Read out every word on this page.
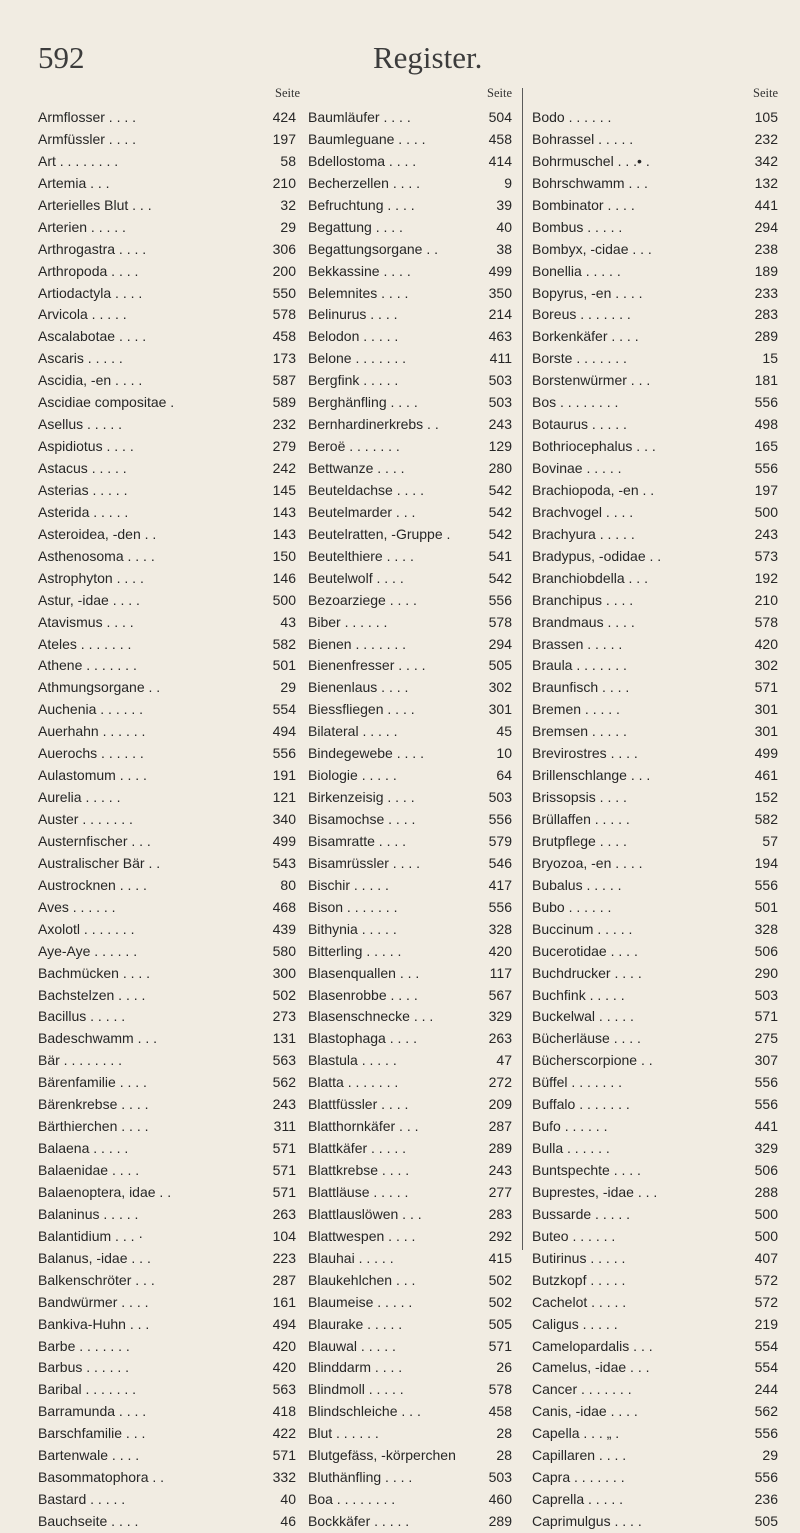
592	Register.
Seite
Armflosser . . . .	424
Armfüssler . . . .	197
Art . . . . . . . .	58
Artemia . . .	210
Arterielles Blut . . .	32
Arterien . . . . .	29
Arthrogastra . . . .	306
Arthropoda . . . .	200
Artiodactyla . . . .	550
Arvicola . . . . .	578
Ascalabotae . . . .	458
Ascaris . . . . .	173
Ascidia, -en . . . .	587
Ascidiae compositae .	589
Asellus . . . . .	232
Aspidiotus . . . .	279
Astacus . . . . .	242
Asterias . . . . .	145
Asterida . . . . .	143
Asteroidea, -den . .	143
Asthenosoma . . . .	150
Astrophyton . . . .	146
Astur, -idae . . . .	500
Atavismus . . . .	43
Ateles . . . . . . .	582
Athene . . . . . . .	501
Athmungsorgane . .	29
Auchenia . . . . . .	554
Auerhahn . . . . . .	494
Auerochs . . . . . .	556
Aulastomum . . . .	191
Aurelia . . . . .	121
Auster . . . . . . .	340
Austernfischer . . .	499
Australischer Bär . .	543
Austrocknen . . . .	80
Aves . . . . . .	468
Axolotl . . . . . . .	439
Aye-Aye . . . . . .	580
Bachmücken . . . .	300
Bachstelzen . . . .	502
Bacillus . . . . .	273
Badeschwamm . . .	131
Bär . . . . . . . .	563
Bärenfamilie . . . .	562
Bärenkrebse . . . .	243
Bärthierchen . . . .	311
Balaena . . . . .	571
Balaenidae . . . .	571
Balaenoptera, idae . .	571
Balaninus . . . . .	263
Balantidium . . . ·	104
Balanus, -idae . . .	223
Balkenschröter . . .	287
Bandwürmer . . . .	161
Bankiva-Huhn . . .	494
Barbe . . . . . . .	420
Barbus . . . . . .	420
Baribal . . . . . . .	563
Barramunda . . . .	418
Barschfamilie . . .	422
Bartenwale . . . .	571
Basommatophora . .	332
Bastard . . . . .	40
Bauchseite . . . .	46
Seite
Baumläufer . . . .	504
Baumleguane . . . .	458
Bdellostoma . . . .	414
Becherzellen . . . .	9
Befruchtung . . . .	39
Begattung . . . .	40
Begattungsorgane . .	38
Bekkassine . . . .	499
Belemnites . . . .	350
Belinurus . . . .	214
Belodon . . . . .	463
Belone . . . . . . .	411
Bergfink . . . . .	503
Berghänfling . . . .	503
Bernhardinerkrebs . .	243
Beroë . . . . . . .	129
Bettwanze . . . .	280
Beuteldachse . . . .	542
Beutelmarder . . .	542
Beutelratten, -Gruppe .	542
Beutelthiere . . . .	541
Beutelwolf . . . .	542
Bezoarziege . . . .	556
Biber . . . . . .	578
Bienen . . . . . . .	294
Bienenfresser . . . .	505
Bienenlaus . . . .	302
Biessfliegen . . . .	301
Bilateral . . . . .	45
Bindegewebe . . . .	10
Biologie . . . . .	64
Birkenzeisig . . . .	503
Bisamochse . . . .	556
Bisamratte . . . .	579
Bisamrüssler . . . .	546
Bischir . . . . .	417
Bison . . . . . . .	556
Bithynia . . . . .	328
Bitterling . . . . .	420
Blasenquallen . . .	117
Blasenrobbe . . . .	567
Blasenschnecke . . .	329
Blastophaga . . . .	263
Blastula . . . . .	47
Blatta . . . . . . .	272
Blattfüssler . . . .	209
Blatthornkäfer . . .	287
Blattkäfer . . . . .	289
Blattkrebse . . . .	243
Blattläuse . . . . .	277
Blattlauslöwen . . .	283
Blattwespen . . . .	292
Blauhai . . . . .	415
Blaukehlchen . . .	502
Blaumeise . . . . .	502
Blaurake . . . . .	505
Blauwal . . . . .	571
Blinddarm . . . .	26
Blindmoll . . . . .	578
Blindschleiche . . .	458
Blut . . . . . .	28
Blutgefäss, -körperchen	28
Bluthänfling . . . .	503
Boa . . . . . . . .	460
Bockkäfer . . . . .	289
Seite
Bodo . . . . . .	105
Bohrassel . . . . .	232
Bohrmuschel . . .• .	342
Bohrschwamm . . .	132
Bombinator . . . .	441
Bombus . . . . .	294
Bombyx, -cidae . . .	238
Bonellia . . . . .	189
Bopyrus, -en . . . .	233
Boreus . . . . . . .	283
Borkenkäfer . . . .	289
Borste . . . . . . .	15
Borstenwürmer . . .	181
Bos . . . . . . . .	556
Botaurus . . . . .	498
Bothriocephalus . . .	165
Bovinae . . . . .	556
Brachiopoda, -en . .	197
Brachvogel . . . .	500
Brachyura . . . . .	243
Bradypus, -odidae . .	573
Branchiobdella . . .	192
Branchipus . . . .	210
Brandmaus . . . .	578
Brassen . . . . .	420
Braula . . . . . . .	302
Braunfisch . . . .	571
Bremen . . . . .	301
Bremsen . . . . .	301
Brevirostres . . . .	499
Brillenschlange . . .	461
Brissopsis . . . .	152
Brüllaffen . . . . .	582
Brutpflege . . . .	57
Bryozoa, -en . . . .	194
Bubalus . . . . .	556
Bubo . . . . . .	501
Buccinum . . . . .	328
Bucerotidae . . . .	506
Buchdrucker . . . .	290
Buchfink . . . . .	503
Buckelwal . . . . .	571
Bücherläuse . . . .	275
Bücherscorpione . .	307
Büffel . . . . . . .	556
Buffalo . . . . . . .	556
Bufo . . . . . .	441
Bulla . . . . . .	329
Buntspechte . . . .	506
Buprestes, -idae . . .	288
Bussarde . . . . .	500
Buteo . . . . . .	500
Butirinus . . . . .	407
Butzkopf . . . . .	572
Cachelot . . . . .	572
Caligus . . . . .	219
Camelopardalis . . .	554
Camelus, -idae . . .	554
Cancer . . . . . . .	244
Canis, -idae . . . .	562
Capella . . . „ .	556
Capillaren . . . .	29
Capra . . . . . . .	556
Caprella . . . . .	236
Caprimulgus . . . .	505
